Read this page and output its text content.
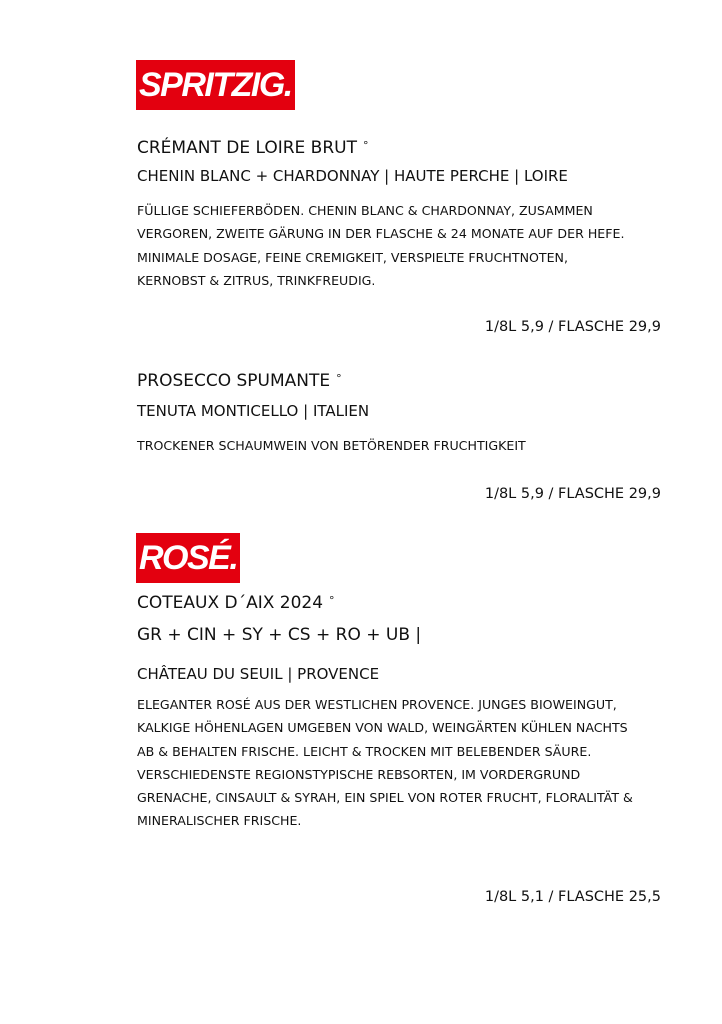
SPRITZIG.
CRÉMANT DE LOIRE BRUT °
CHENIN BLANC + CHARDONNAY | HAUTE PERCHE | LOIRE
FÜLLIGE SCHIEFERBÖDEN. CHENIN BLANC & CHARDONNAY, ZUSAMMEN VERGOREN, ZWEITE GÄRUNG IN DER FLASCHE & 24 MONATE AUF DER HEFE. MINIMALE DOSAGE, FEINE CREMIGKEIT, VERSPIELTE FRUCHTNOTEN, KERNOBST & ZITRUS, TRINKFREUDIG.
1/8L 5,9 / FLASCHE 29,9
PROSECCO SPUMANTE °
TENUTA MONTICELLO | ITALIEN
TROCKENER SCHAUMWEIN VON BETÖRENDER FRUCHTIGKEIT
1/8L 5,9 / FLASCHE 29,9
ROSÉ.
COTEAUX D´AIX 2024 °
GR + CIN + SY + CS + RO + UB |
CHÂTEAU DU SEUIL | PROVENCE
ELEGANTER ROSÉ AUS DER WESTLICHEN PROVENCE. JUNGES BIOWEINGUT, KALKIGE HÖHENLAGEN UMGEBEN VON WALD, WEINGÄRTEN KÜHLEN NACHTS AB & BEHALTEN FRISCHE. LEICHT & TROCKEN MIT BELEBENDER SÄURE. VERSCHIEDENSTE REGIONSTYPISCHE REBSORTEN, IM VORDERGRUND GRENACHE, CINSAULT & SYRAH, EIN SPIEL VON ROTER FRUCHT, FLORALITÄT & MINERALISCHER FRISCHE.
1/8L 5,1 / FLASCHE 25,5
